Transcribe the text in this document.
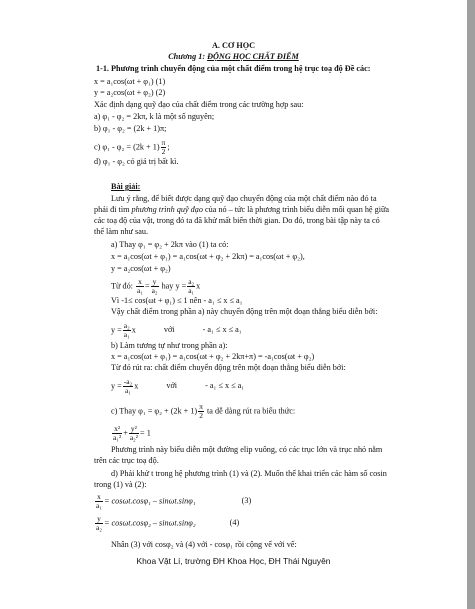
A. CƠ HỌC
Chương 1: ĐỘNG HỌC CHẤT ĐIỂM
1-1. Phương trình chuyển động của một chất điểm trong hệ trục toạ độ Đề các:
x = a₁cos(ωt + φ₁) (1)
y = a₂cos(ωt + φ₂) (2)
Xác định dạng quỹ đạo của chất điểm trong các trường hợp sau:
a) φ₁ - φ₂ = 2kπ, k là một số nguyên;
b) φ₁ - φ₂ = (2k + 1)π;
c) $\varphi_1 - \varphi_2 = (2k + 1) \frac{\pi}{2}$ ;
d) φ₁ - φ₂ có giá trị bất kì.
Bài giải:
Lưu ý rằng, để biết được dạng quỹ đạo chuyển động của một chất điểm nào đó ta
phải đi tìm phương trình quỹ đạo của nó – tức là phương trình biểu diễn mối quan hệ giữa
các toạ độ của vật, trong đó ta đã khử mất biến thời gian. Do đó, trong bài tập này ta có
thể làm như sau.
a) Thay φ₁ = φ₂ + 2kπ vào (1) ta có:
x = a₁cos(ωt + φ₁) = a₁cos(ωt + φ₂ + 2kπ) = a₁cos(ωt + φ₂),
y = a₂cos(ωt + φ₂)
Từ đó: $\frac{x}{\text{a₁}} = \frac{y}{\text{a₂}}$ hay $y = \frac{\text{a₂}}{\text{a₁}}$ x
Vì -1≤ cos(ωt + φ₁) ≤ 1 nên - a₁ ≤ x ≤ a₁
Vậy chất điểm trong phần a) này chuyển động trên một đoạn thẳng biểu diễn bởi:
$y = \frac{\text{a₂}}{\text{a₁}}$ x	với	- a₁ ≤ x ≤ a₁
b) Làm tương tự như trong phần a):
x = a₁cos(ωt + φ₁) = a₁cos(ωt + φ₂ + 2kπ+π) = -a₁cos(ωt + φ₂)
Từ đó rút ra: chất điểm chuyển động trên một đoạn thẳng biểu diễn bởi:
$y = \frac{\text{-a₂}}{\text{a₁}}$ x	với	- a₁ ≤ x ≤ a₁
c) Thay $\varphi_1 = \varphi_2 + (2k + 1) \frac{\pi}{2}$ ta dễ dàng rút ra biểu thức:
$\frac{\text{x²}}{\text{a₁²}} + \frac{\text{y²}}{\text{a₂²}} = 1$
Phương trình này biểu diễn một đường elip vuông, có các trục lớn và trục nhỏ nằm
trên các trục toạ độ.
d) Phải khử t trong hệ phương trình (1) và (2). Muốn thế khai triển các hàm số cosin
trong (1) và (2):
$\frac{x}{\text{a₁}} = \cos\omega t.\cos\varphi_1 - \sin\omega t.\sin\varphi_1$	(3)
$\frac{y}{\text{a₂}} = \cos\omega t.\cos\varphi_2 - \sin\omega t.\sin\varphi_2$	(4)
Nhân (3) với cosφ₂ và (4) với - cosφ₁ rồi cộng vế với vế:
Khoa Vật Lí, trường ĐH Khoa Học, ĐH Thái Nguyên
